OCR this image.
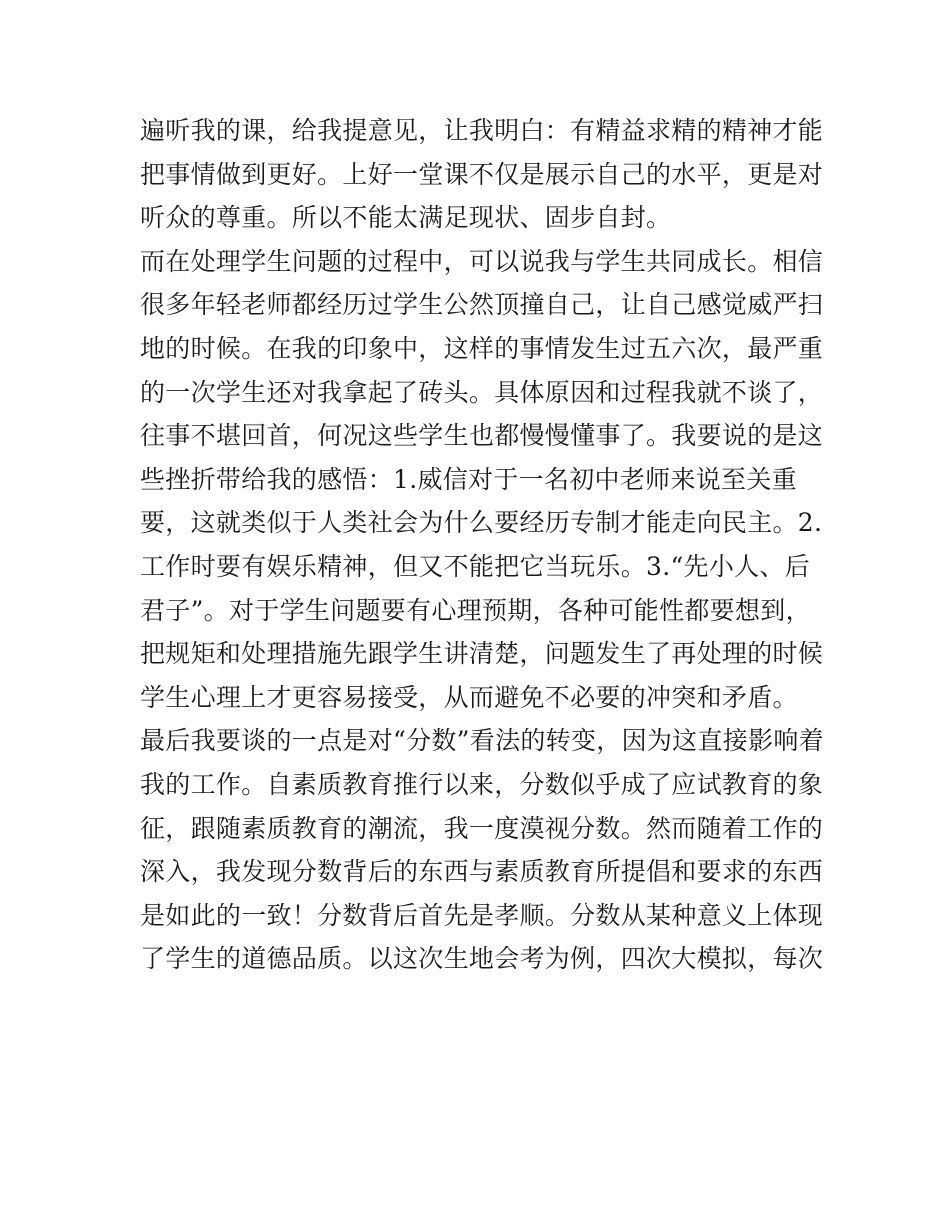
遍听我的课，给我提意见，让我明白：有精益求精的精神才能
把事情做到更好。上好一堂课不仅是展示自己的水平，更是对
听众的尊重。所以不能太满足现状、固步自封。
而在处理学生问题的过程中，可以说我与学生共同成长。相信
很多年轻老师都经历过学生公然顶撞自己，让自己感觉威严扫
地的时候。在我的印象中，这样的事情发生过五六次，最严重
的一次学生还对我拿起了砖头。具体原因和过程我就不谈了，
往事不堪回首，何况这些学生也都慢慢懂事了。我要说的是这
些挫折带给我的感悟：1.威信对于一名初中老师来说至关重
要，这就类似于人类社会为什么要经历专制才能走向民主。2.
工作时要有娱乐精神，但又不能把它当玩乐。3.“先小人、后
君子”。对于学生问题要有心理预期，各种可能性都要想到，
把规矩和处理措施先跟学生讲清楚，问题发生了再处理的时候
学生心理上才更容易接受，从而避免不必要的冲突和矛盾。
最后我要谈的一点是对“分数”看法的转变，因为这直接影响着
我的工作。自素质教育推行以来，分数似乎成了应试教育的象
征，跟随素质教育的潮流，我一度漠视分数。然而随着工作的
深入，我发现分数背后的东西与素质教育所提倡和要求的东西
是如此的一致！分数背后首先是孝顺。分数从某种意义上体现
了学生的道德品质。以这次生地会考为例，四次大模拟，每次
